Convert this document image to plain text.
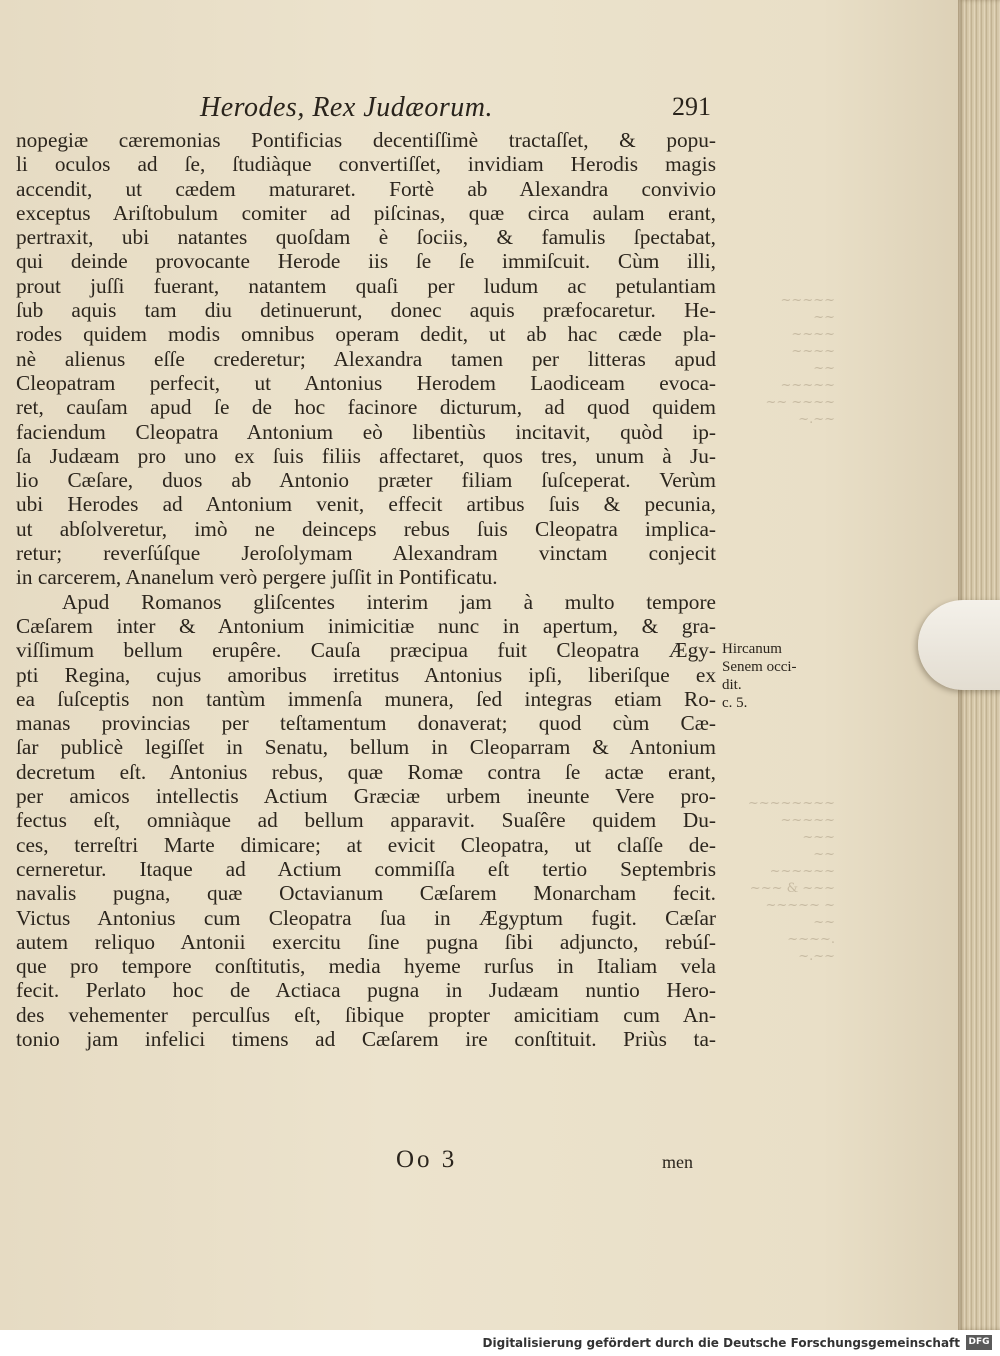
~~~~~ ~~
~~~~ ~~~~
~~ ~~~~~
~~ ~~~~
~.~~
~~~~~~~~
~~~~~ ~~~
~~ ~~~~~~
~~~ & ~~~
~~~~~ ~ ~~
~~~~.
~.~~
Herodes, Rex Judæorum.	291
nopegiæ cæremonias Pontificias decentiſſimè tractaſſet, & popu-
li oculos ad ſe, ſtudiàque convertiſſet, invidiam Herodis magis
accendit, ut cædem maturaret. Fortè ab Alexandra convivio
exceptus Ariſtobulum comiter ad piſcinas, quæ circa aulam erant,
pertraxit, ubi natantes quoſdam è ſociis, & famulis ſpectabat,
qui deinde provocante Herode iis ſe ſe immiſcuit. Cùm illi,
prout juſſi fuerant, natantem quaſi per ludum ac petulantiam
ſub aquis tam diu detinuerunt, donec aquis præfocaretur. He-
rodes quidem modis omnibus operam dedit, ut ab hac cæde pla-
nè alienus eſſe crederetur; Alexandra tamen per litteras apud
Cleopatram perfecit, ut Antonius Herodem Laodiceam evoca-
ret, cauſam apud ſe de hoc facinore dicturum, ad quod quidem
faciendum Cleopatra Antonium eò libentiùs incitavit, quòd ip-
ſa Judæam pro uno ex ſuis filiis affectaret, quos tres, unum à Ju-
lio Cæſare, duos ab Antonio præter filiam ſuſceperat. Verùm
ubi Herodes ad Antonium venit, effecit artibus ſuis & pecunia,
ut abſolveretur, imò ne deinceps rebus ſuis Cleopatra implica-
retur; reverſúſque Jeroſolymam Alexandram vinctam conjecit
in carcerem, Ananelum verò pergere juſſit in Pontificatu.
Apud Romanos gliſcentes interim jam à multo tempore
Cæſarem inter & Antonium inimicitiæ nunc in apertum, & gra-
viſſimum bellum erupêre. Cauſa præcipua fuit Cleopatra Ægy-
pti Regina, cujus amoribus irretitus Antonius ipſi, liberiſque ex
ea ſuſceptis non tantùm immenſa munera, ſed integras etiam Ro-
manas provincias per teſtamentum donaverat; quod cùm Cæ-
ſar publicè legiſſet in Senatu, bellum in Cleoparram & Antonium
decretum eſt. Antonius rebus, quæ Romæ contra ſe actæ erant,
per amicos intellectis Actium Græciæ urbem ineunte Vere pro-
fectus eſt, omniàque ad bellum apparavit. Suaſêre quidem Du-
ces, terreſtri Marte dimicare; at evicit Cleopatra, ut claſſe de-
cerneretur. Itaque ad Actium commiſſa eſt tertio Septembris
navalis pugna, quæ Octavianum Cæſarem Monarcham fecit.
Victus Antonius cum Cleopatra ſua in Ægyptum fugit. Cæſar
autem reliquo Antonii exercitu ſine pugna ſibi adjuncto, rebúſ-
que pro tempore conſtitutis, media hyeme rurſus in Italiam vela
fecit. Perlato hoc de Actiaca pugna in Judæam nuntio Hero-
des vehementer perculſus eſt, ſibique propter amicitiam cum An-
tonio jam infelici timens ad Cæſarem ire conſtituit. Priùs ta-
Hircanum
Senem occi-
dit.
c. 5.
Oo 3	men
Digitalisierung gefördert durch die Deutsche Forschungsgemeinschaft DFG
